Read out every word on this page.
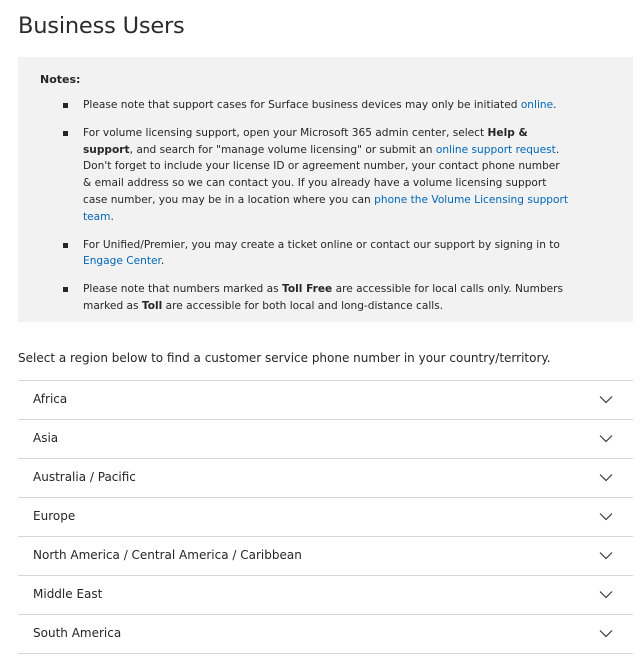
Business Users
Notes:
Please note that support cases for Surface business devices may only be initiated online.
For volume licensing support, open your Microsoft 365 admin center, select Help & support, and search for "manage volume licensing" or submit an online support request. Don't forget to include your license ID or agreement number, your contact phone number & email address so we can contact you. If you already have a volume licensing support case number, you may be in a location where you can phone the Volume Licensing support team.
For Unified/Premier, you may create a ticket online or contact our support by signing in to Engage Center.
Please note that numbers marked as Toll Free are accessible for local calls only. Numbers marked as Toll are accessible for both local and long-distance calls.

Select a region below to find a customer service phone number in your country/territory.

Africa
Asia
Australia / Pacific
Europe
North America / Central America / Caribbean
Middle East
South America
